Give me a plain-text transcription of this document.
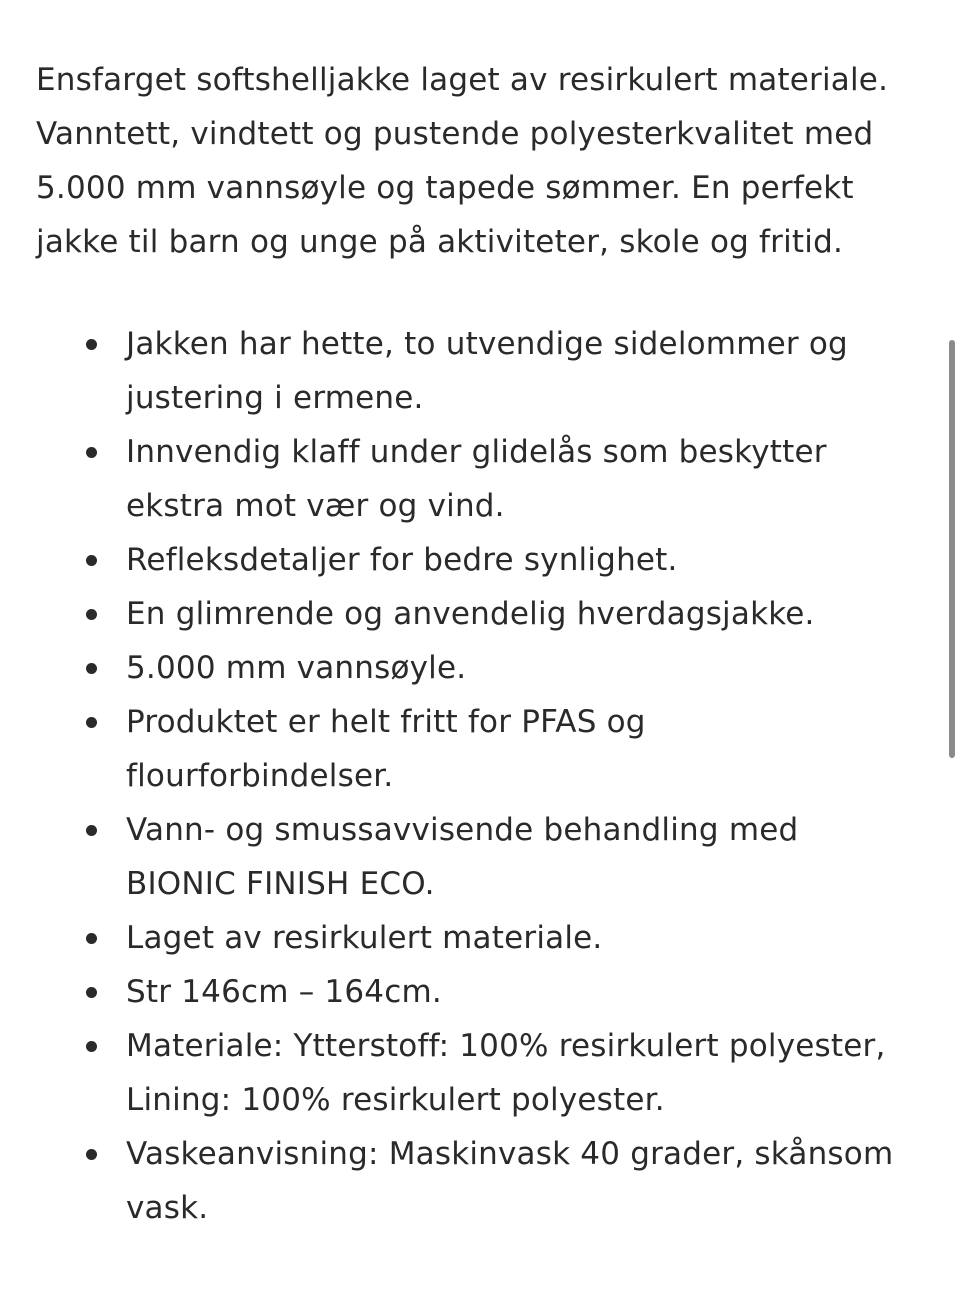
Ensfarget softshelljakke laget av resirkulert materiale. Vanntett, vindtett og pustende polyesterkvalitet med 5.000 mm vannsøyle og tapede sømmer. En perfekt jakke til barn og unge på aktiviteter, skole og fritid.

Jakken har hette, to utvendige sidelommer og justering i ermene.
Innvendig klaff under glidelås som beskytter ekstra mot vær og vind.
Refleksdetaljer for bedre synlighet.
En glimrende og anvendelig hverdagsjakke.
5.000 mm vannsøyle.
Produktet er helt fritt for PFAS og flourforbindelser.
Vann- og smussavvisende behandling med BIONIC FINISH ECO.
Laget av resirkulert materiale.
Str 146cm – 164cm.
Materiale: Ytterstoff: 100% resirkulert polyester, Lining: 100% resirkulert polyester.
Vaskeanvisning: Maskinvask 40 grader, skånsom vask.
